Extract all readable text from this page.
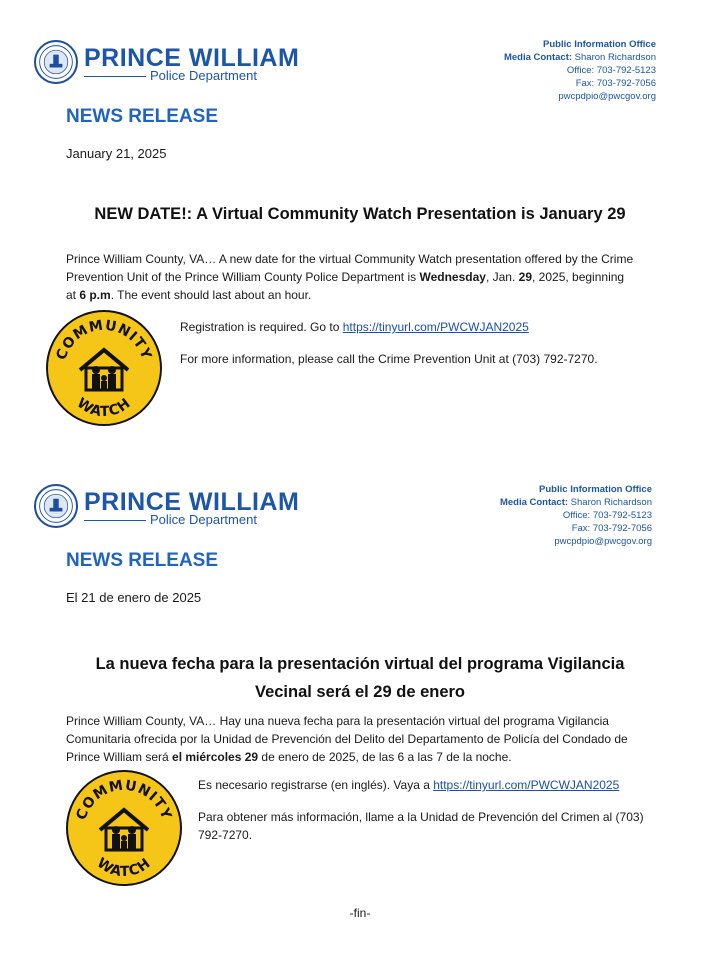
PRINCE WILLIAM
Police Department
Public Information Office
Media Contact: Sharon Richardson
Office: 703-792-5123
Fax: 703-792-7056
pwcpdpio@pwcgov.org
NEWS RELEASE
January 21, 2025
NEW DATE!: A Virtual Community Watch Presentation is January 29
Prince William County, VA… A new date for the virtual Community Watch presentation offered by the Crime Prevention Unit of the Prince William County Police Department is Wednesday, Jan. 29, 2025, beginning at 6 p.m. The event should last about an hour.
COMMUNITY
WATCH
Registration is required. Go to https://tinyurl.com/PWCWJAN2025
For more information, please call the Crime Prevention Unit at (703) 792-7270.
PRINCE WILLIAM
Police Department
Public Information Office
Media Contact: Sharon Richardson
Office: 703-792-5123
Fax: 703-792-7056
pwcpdpio@pwcgov.org
NEWS RELEASE
El 21 de enero de 2025
La nueva fecha para la presentación virtual del programa Vigilancia
Vecinal será el 29 de enero
Prince William County, VA… Hay una nueva fecha para la presentación virtual del programa Vigilancia Comunitaria ofrecida por la Unidad de Prevención del Delito del Departamento de Policía del Condado de Prince William será el miércoles 29 de enero de 2025, de las 6 a las 7 de la noche.
COMMUNITY
WATCH
Es necesario registrarse (en inglés). Vaya a https://tinyurl.com/PWCWJAN2025
Para obtener más información, llame a la Unidad de Prevención del Crimen al (703) 792-7270.
-fin-
